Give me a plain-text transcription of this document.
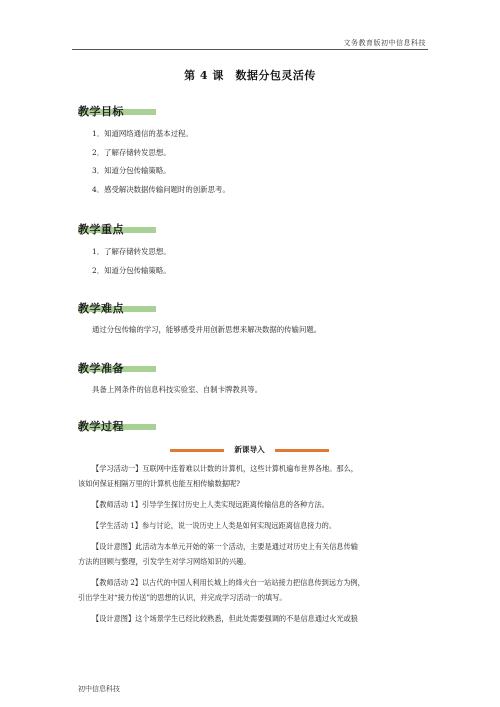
文务教育版初中信息科技
第 4 课　数据分包灵活传
教学目标
1．知道网络通信的基本过程。
2．了解存储转发思想。
3．知道分包传输策略。
4．感受解决数据传输问题时的创新思考。
教学重点
1．了解存储转发思想。
2．知道分包传输策略。
教学难点
通过分包传输的学习，能够感受并用创新思想来解决数据的传输问题。
教学准备
具备上网条件的信息科技实验室、自制卡牌教具等。
教学过程
新课导入

【学习活动一】互联网中连着难以计数的计算机，这些计算机遍布世界各地。那么，

该如何保证相隔万里的计算机也能互相传输数据呢?

【教师活动 1】引导学生探讨历史上人类实现远距离传输信息的各种方法。

【学生活动 1】参与讨论，说一说历史上人类是如何实现远距离信息接力的。

【设计意图】此活动为本单元开始的第一个活动，主要是通过对历史上有关信息传输

方法的回顾与整理，引发学生对学习网络知识的兴趣。

【教师活动 2】以古代的中国人利用长城上的烽火台一站站接力把信息传到远方为例，

引出学生对“接力传送”的思想的认识，并完成学习活动一的填写。

【设计意图】这个场景学生已经比较熟悉，但此处需要强调的不是信息通过火光或狼

初中信息科技
